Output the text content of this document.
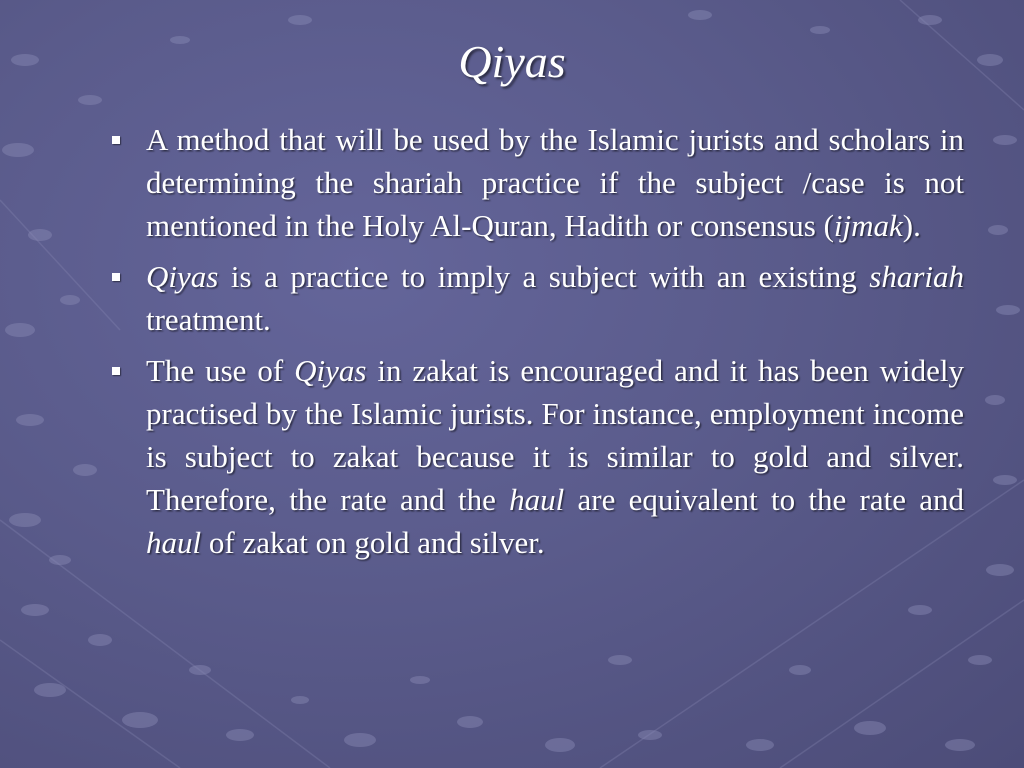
Qiyas
A method that will be used by the Islamic jurists and scholars in determining the shariah practice if the subject /case is not mentioned in the Holy Al-Quran, Hadith or consensus (ijmak).
Qiyas is a practice to imply a subject with an existing shariah treatment.
The use of Qiyas in zakat is encouraged and it has been widely practised by the Islamic jurists. For instance, employment income is subject to zakat because it is similar to gold and silver. Therefore, the rate and the haul are equivalent to the rate and haul of zakat on gold and silver.
